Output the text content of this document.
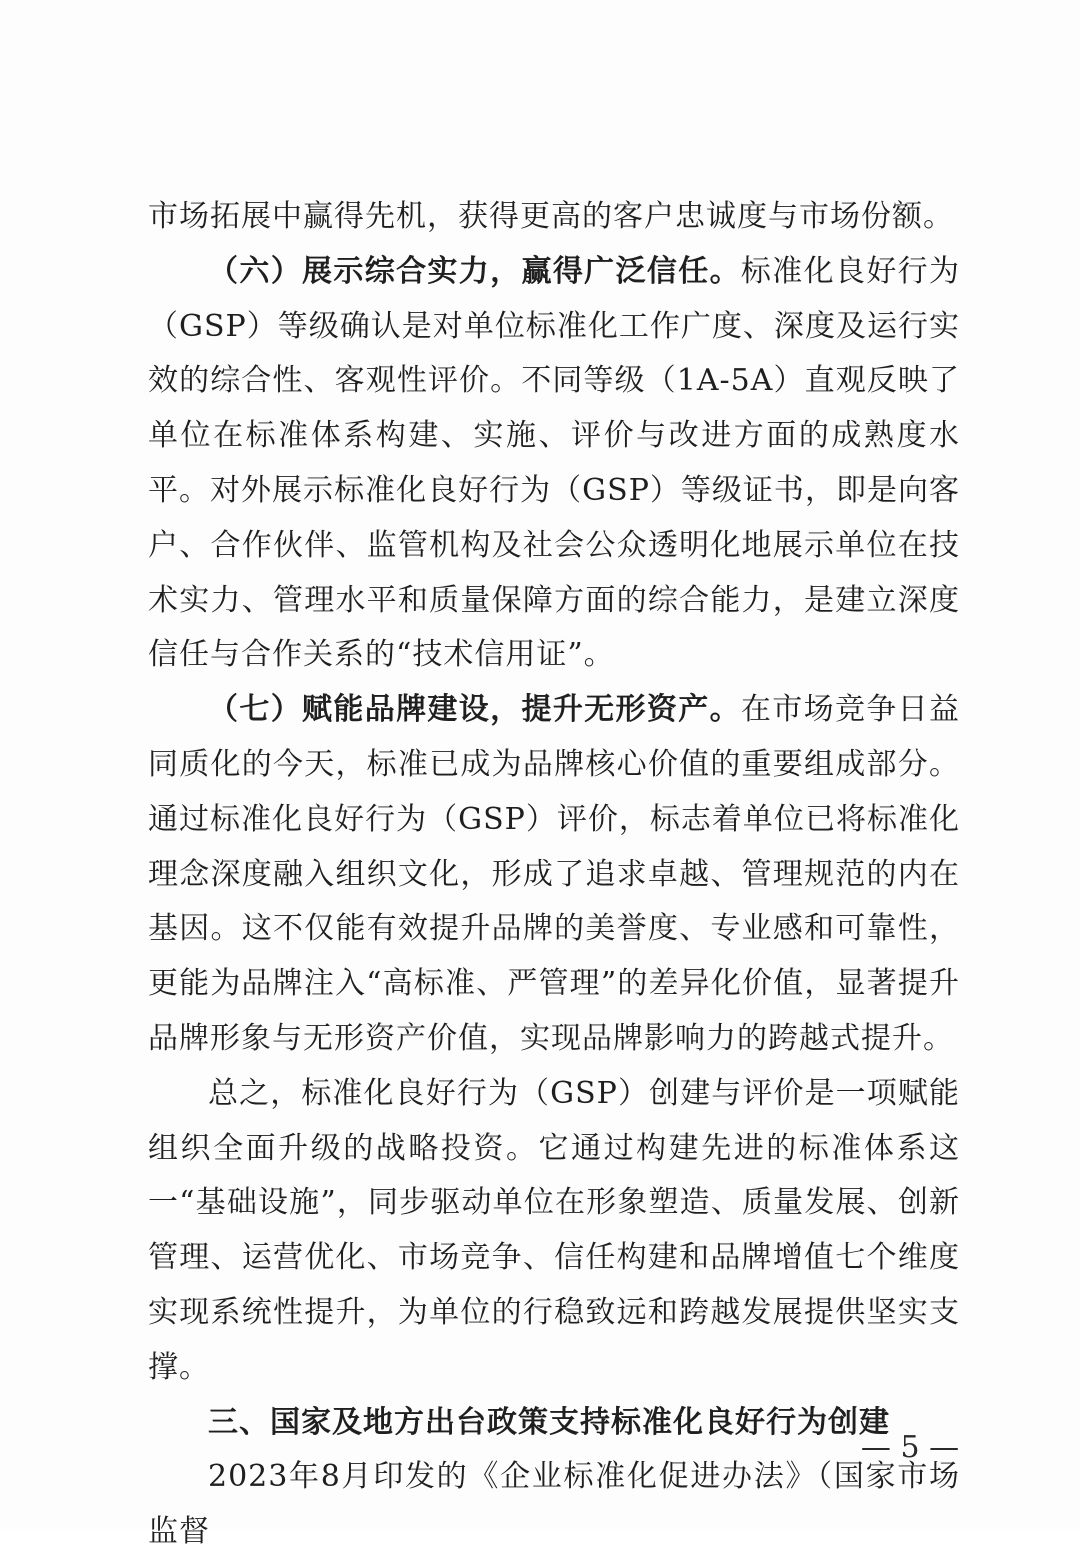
市场拓展中赢得先机，获得更高的客户忠诚度与市场份额。

（六）展示综合实力，赢得广泛信任。标准化良好行为（GSP）等级确认是对单位标准化工作广度、深度及运行实效的综合性、客观性评价。不同等级（1A-5A）直观反映了单位在标准体系构建、实施、评价与改进方面的成熟度水平。对外展示标准化良好行为（GSP）等级证书，即是向客户、合作伙伴、监管机构及社会公众透明化地展示单位在技术实力、管理水平和质量保障方面的综合能力，是建立深度信任与合作关系的“技术信用证”。

（七）赋能品牌建设，提升无形资产。在市场竞争日益同质化的今天，标准已成为品牌核心价值的重要组成部分。通过标准化良好行为（GSP）评价，标志着单位已将标准化理念深度融入组织文化，形成了追求卓越、管理规范的内在基因。这不仅能有效提升品牌的美誉度、专业感和可靠性，更能为品牌注入“高标准、严管理”的差异化价值，显著提升品牌形象与无形资产价值，实现品牌影响力的跨越式提升。

总之，标准化良好行为（GSP）创建与评价是一项赋能组织全面升级的战略投资。它通过构建先进的标准体系这一“基础设施”，同步驱动单位在形象塑造、质量发展、创新管理、运营优化、市场竞争、信任构建和品牌增值七个维度实现系统性提升，为单位的行稳致远和跨越发展提供坚实支撑。

三、国家及地方出台政策支持标准化良好行为创建

2023年8月印发的《企业标准化促进办法》（国家市场监督

— 5 —
